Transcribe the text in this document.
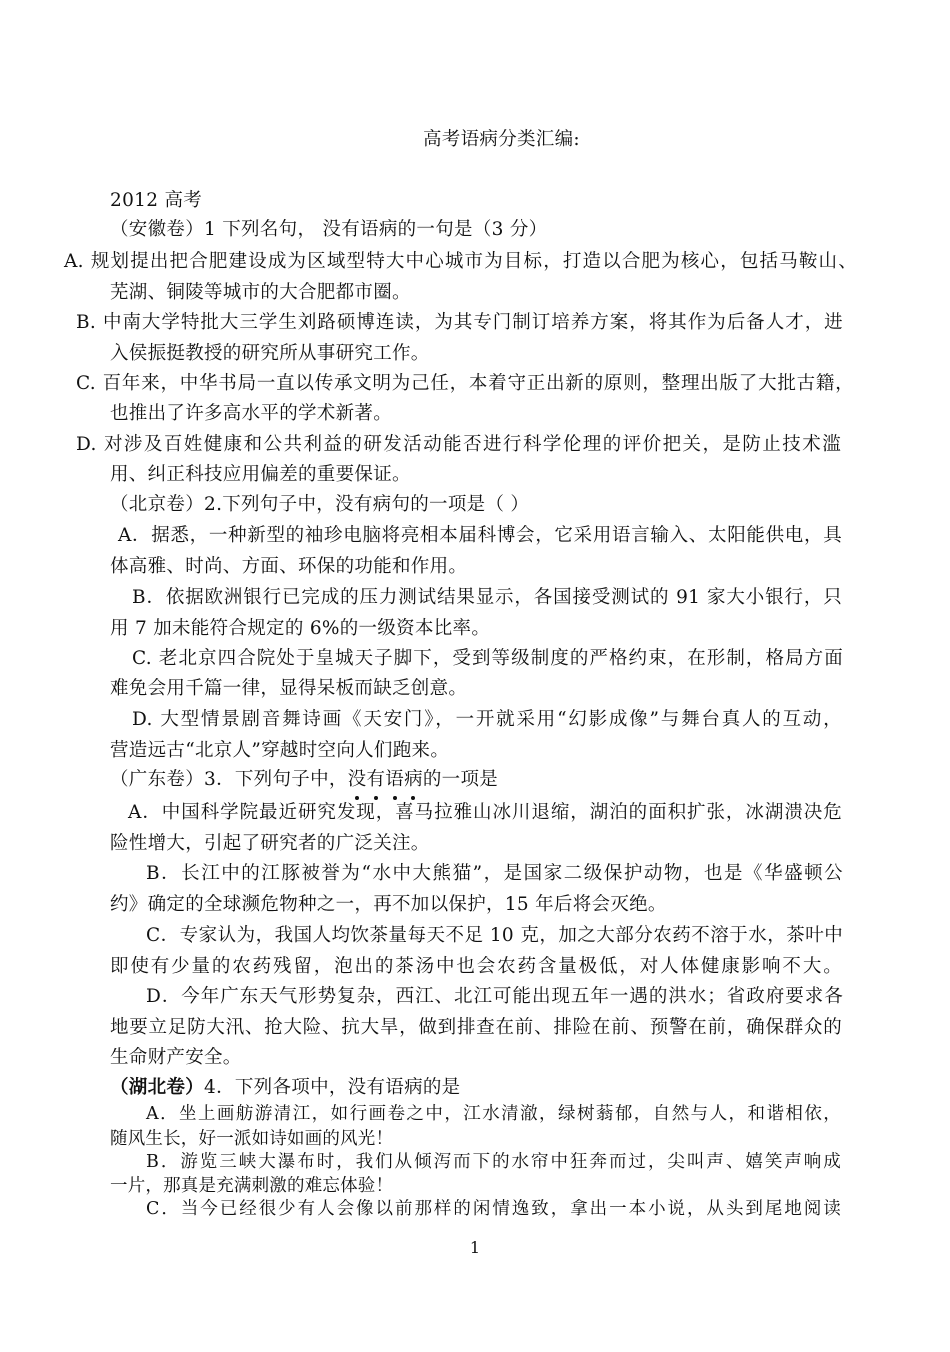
高考语病分类汇编:
2012 高考
（安徽卷）1 下列名句， 没有语病的一句是（3 分）
A. 规划提出把合肥建设成为区域型特大中心城市为目标，打造以合肥为核心，包括马鞍山、
芜湖、铜陵等城市的大合肥都市圈。
B. 中南大学特批大三学生刘路硕博连读，为其专门制订培养方案，将其作为后备人才，进
入侯振挺教授的研究所从事研究工作。
C. 百年来，中华书局一直以传承文明为己任，本着守正出新的原则，整理出版了大批古籍，
也推出了许多高水平的学术新著。
D. 对涉及百姓健康和公共利益的研发活动能否进行科学伦理的评价把关，是防止技术滥
用、纠正科技应用偏差的重要保证。
（北京卷）2.下列句子中，没有病句的一项是（ ）
A．据悉，一种新型的袖珍电脑将亮相本届科博会，它采用语言输入、太阳能供电，具
体高雅、时尚、方面、环保的功能和作用。
B．依据欧洲银行已完成的压力测试结果显示，各国接受测试的 91 家大小银行，只
用 7 加未能符合规定的 6%的一级资本比率。
C. 老北京四合院处于皇城天子脚下，受到等级制度的严格约束，在形制，格局方面
难免会用千篇一律，显得呆板而缺乏创意。
D. 大型情景剧音舞诗画《天安门》，一开就采用“幻影成像”与舞台真人的互动，
营造远古“北京人”穿越时空向人们跑来。
（广东卷）3．下列句子中，没有语病
的一项是
A．中国科学院最近研究发现，喜马拉雅山冰川退缩，湖泊的面积扩张，冰湖溃决危
险性增大，引起了研究者的广泛关注。
B．长江中的江豚被誉为“水中大熊猫”，是国家二级保护动物，也是《华盛顿公
约》确定的全球濒危物种之一，再不加以保护，15 年后将会灭绝。
C．专家认为，我国人均饮茶量每天不足 10 克，加之大部分农药不溶于水，茶叶中
即使有少量的农药残留，泡出的茶汤中也会农药含量极低，对人体健康影响不大。
D．今年广东天气形势复杂，西江、北江可能出现五年一遇的洪水；省政府要求各
地要立足防大汛、抢大险、抗大旱，做到排查在前、排险在前、预警在前，确保群众的
生命财产安全。
（湖北卷）4．下列各项中，没有语病的是
A．坐上画舫游清江，如行画卷之中，江水清澈，绿树蓊郁，自然与人，和谐相依，
随风生长，好一派如诗如画的风光！
B．游览三峡大瀑布时，我们从倾泻而下的水帘中狂奔而过，尖叫声、嬉笑声响成
一片，那真是充满刺激的难忘体验！
C．当今已经很少有人会像以前那样的闲情逸致，拿出一本小说，从头到尾地阅读
1
